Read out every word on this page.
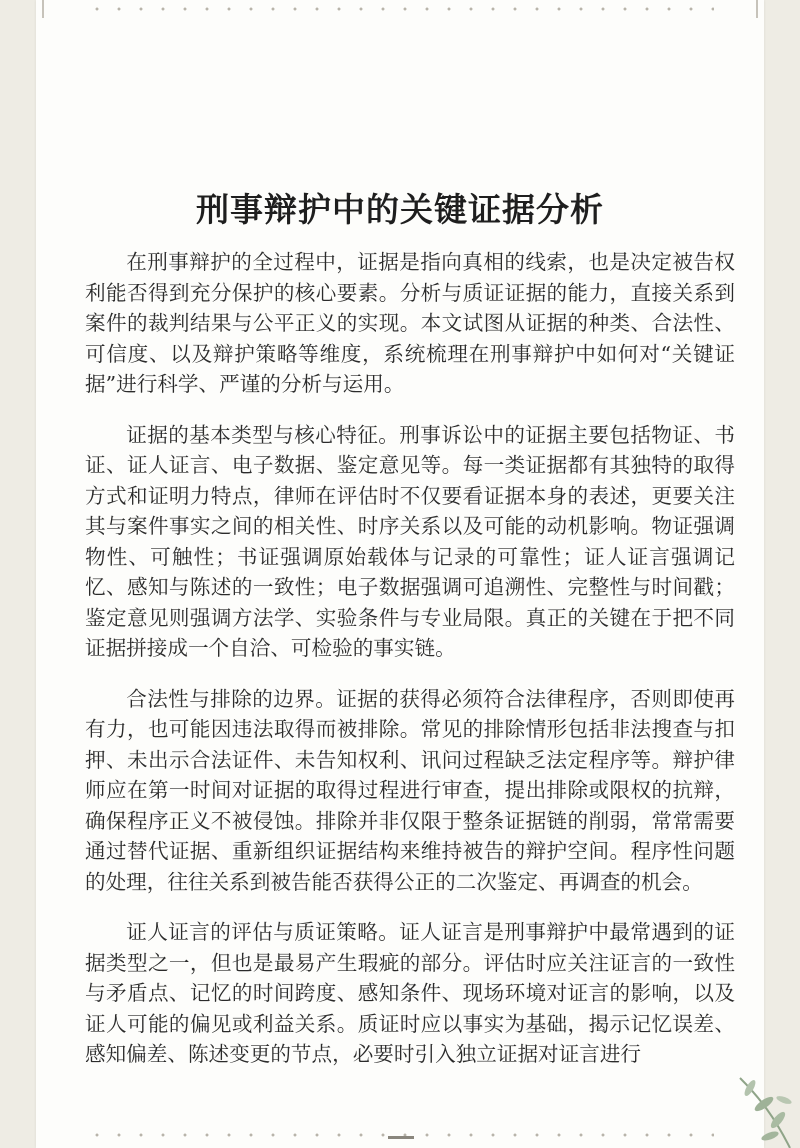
刑事辩护中的关键证据分析

在刑事辩护的全过程中，证据是指向真相的线索，也是决定被告权利能否得到充分保护的核心要素。分析与质证证据的能力，直接关系到案件的裁判结果与公平正义的实现。本文试图从证据的种类、合法性、可信度、以及辩护策略等维度，系统梳理在刑事辩护中如何对“关键证据”进行科学、严谨的分析与运用。

证据的基本类型与核心特征。刑事诉讼中的证据主要包括物证、书证、证人证言、电子数据、鉴定意见等。每一类证据都有其独特的取得方式和证明力特点，律师在评估时不仅要看证据本身的表述，更要关注其与案件事实之间的相关性、时序关系以及可能的动机影响。物证强调物性、可触性；书证强调原始载体与记录的可靠性；证人证言强调记忆、感知与陈述的一致性；电子数据强调可追溯性、完整性与时间戳；鉴定意见则强调方法学、实验条件与专业局限。真正的关键在于把不同证据拼接成一个自洽、可检验的事实链。

合法性与排除的边界。证据的获得必须符合法律程序，否则即使再有力，也可能因违法取得而被排除。常见的排除情形包括非法搜查与扣押、未出示合法证件、未告知权利、讯问过程缺乏法定程序等。辩护律师应在第一时间对证据的取得过程进行审查，提出排除或限权的抗辩，确保程序正义不被侵蚀。排除并非仅限于整条证据链的削弱，常常需要通过替代证据、重新组织证据结构来维持被告的辩护空间。程序性问题的处理，往往关系到被告能否获得公正的二次鉴定、再调查的机会。

证人证言的评估与质证策略。证人证言是刑事辩护中最常遇到的证据类型之一，但也是最易产生瑕疵的部分。评估时应关注证言的一致性与矛盾点、记忆的时间跨度、感知条件、现场环境对证言的影响，以及证人可能的偏见或利益关系。质证时应以事实为基础，揭示记忆误差、感知偏差、陈述变更的节点，必要时引入独立证据对证言进行
